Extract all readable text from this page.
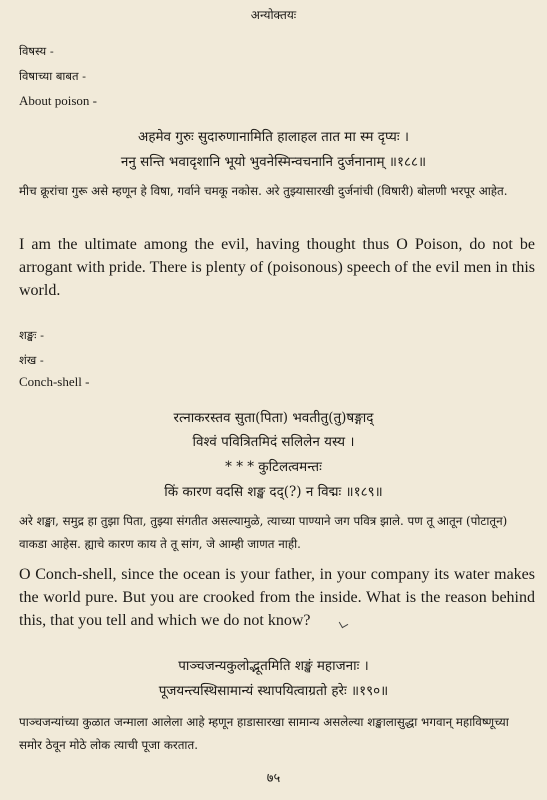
अन्योक्तयः
विषस्य -
विषाच्या बाबत -
About poison -
अहमेव गुरुः सुदारुणानामिति हालाहल तात मा स्म दृप्यः ।
ननु सन्ति भवादृशानि भूयो भुवनेस्मिन्वचनानि दुर्जनानाम् ॥१८८॥
मीच क्रूरांचा गुरू असे म्हणून हे विषा, गर्वाने चमकू नकोस. अरे तुझ्यासारखी दुर्जनांची (विषारी) बोलणी भरपूर आहेत.
I am the ultimate among the evil, having thought thus O Poison, do not be arrogant with pride. There is plenty of (poisonous) speech of the evil men in this world.
शङ्खः -
शंख -
Conch-shell -
रत्नाकरस्तव सुता(पिता) भवतीतु(तु)षङ्गाद्
विश्वं पवित्रितमिदं सलिलेन यस्य ।
* * * कुटिलत्वमन्तः
किं कारण वदसि शङ्ख दद्(?) न विद्मः ॥१८९॥
अरे शङ्खा, समुद्र हा तुझा पिता, तुझ्या संगतीत असल्यामुळे, त्याच्या पाण्याने जग पवित्र झाले. पण तू आतून (पोटातून) वाकडा आहेस. ह्याचे कारण काय ते तू सांग, जे आम्ही जाणत नाही.
O Conch-shell, since the ocean is your father, in your company its water makes the world pure. But you are crooked from the inside. What is the reason behind this, that you tell and which we do not know?
पाञ्चजन्यकुलोद्भूतमिति शङ्खं महाजनाः ।
पूजयन्त्यस्थिसामान्यं स्थापयित्वाग्रतो हरेः ॥१९०॥
पाञ्चजन्यांच्या कुळात जन्माला आलेला आहे म्हणून हाडासारखा सामान्य असलेल्या शङ्खालासुद्धा भगवान् महाविष्णूच्या समोर ठेवून मोठे लोक त्याची पूजा करतात.
७५
